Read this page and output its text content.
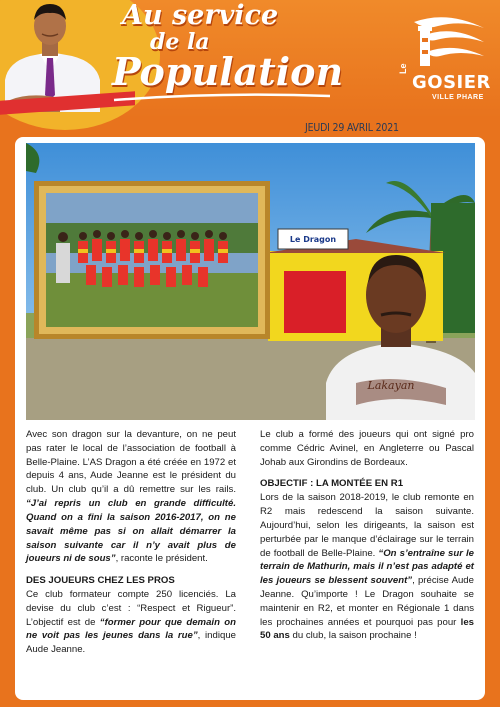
Au service
de la
Population	Le
GOSIER
VILLE PHARE
JEUDI 29 AVRIL 2021
Le Dragon
Lakayan

Avec son dragon sur la devanture, on ne peut pas rater le local de l’association de football à Belle-Plaine. L’AS Dragon a été créée en 1972 et depuis 4 ans, Aude Jeanne est le président du club. Un club qu’il a dû remettre sur les rails. “J’ai repris un club en grande difficulté. Quand on a fini la saison 2016-2017, on ne savait même pas si on allait démarrer la saison suivante car il n’y avait plus de joueurs ni de sous”, raconte le président.

DES JOUEURS CHEZ LES PROS

Ce club formateur compte 250 licenciés. La devise du club c’est : “Respect et Rigueur”. L’objectif est de “former pour que demain on ne voit pas les jeunes dans la rue”, indique Aude Jeanne.

Le club a formé des joueurs qui ont signé pro comme Cédric Avinel, en Angleterre ou Pascal Johab aux Girondins de Bordeaux.

OBJECTIF : LA MONTÉE EN R1

Lors de la saison 2018-2019, le club remonte en R2 mais redescend la saison suivante. Aujourd’hui, selon les dirigeants, la saison est perturbée par le manque d’éclairage sur le terrain de football de Belle-Plaine. “On s’entraîne sur le terrain de Mathurin, mais il n’est pas adapté et les joueurs se blessent souvent”, précise Aude Jeanne. Qu’importe ! Le Dragon souhaite se maintenir en R2, et monter en Régionale 1 dans les prochaines années et pourquoi pas pour les 50 ans du club, la saison prochaine !
